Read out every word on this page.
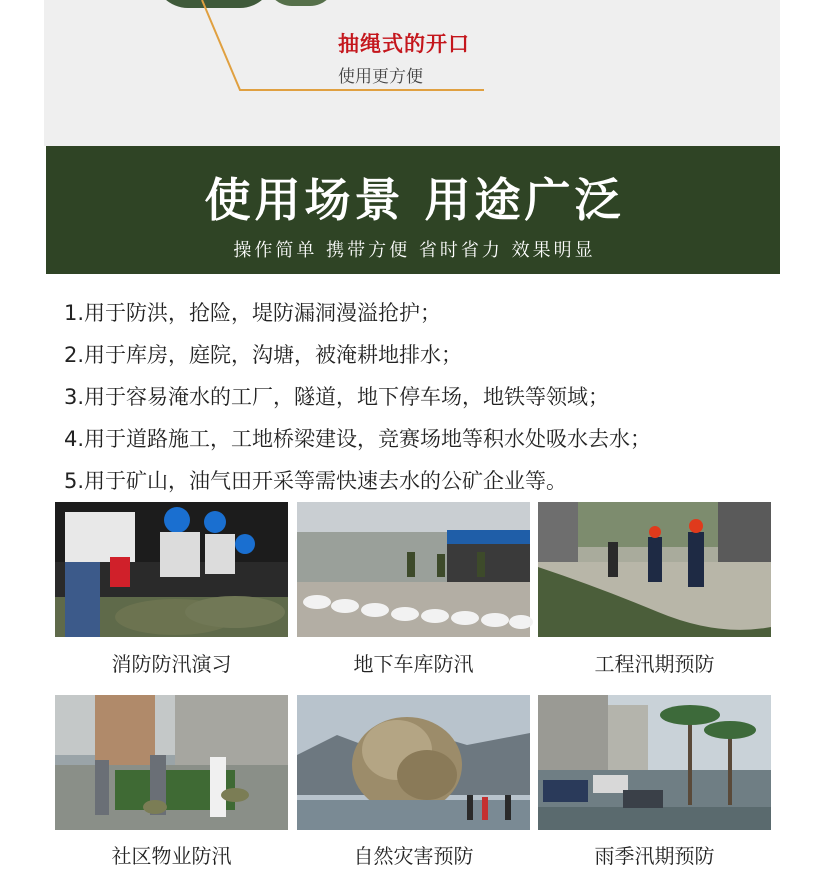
抽绳式的开口
使用更方便
使用场景 用途广泛
操作简单 携带方便 省时省力 效果明显
1.用于防洪，抢险，堤防漏洞漫溢抢护；
2.用于库房，庭院，沟塘，被淹耕地排水；
3.用于容易淹水的工厂，隧道，地下停车场，地铁等领域；
4.用于道路施工，工地桥梁建设，竞赛场地等积水处吸水去水；
5.用于矿山，油气田开采等需快速去水的公矿企业等。
消防防汛演习	地下车库防汛	工程汛期预防
社区物业防汛	自然灾害预防	雨季汛期预防
